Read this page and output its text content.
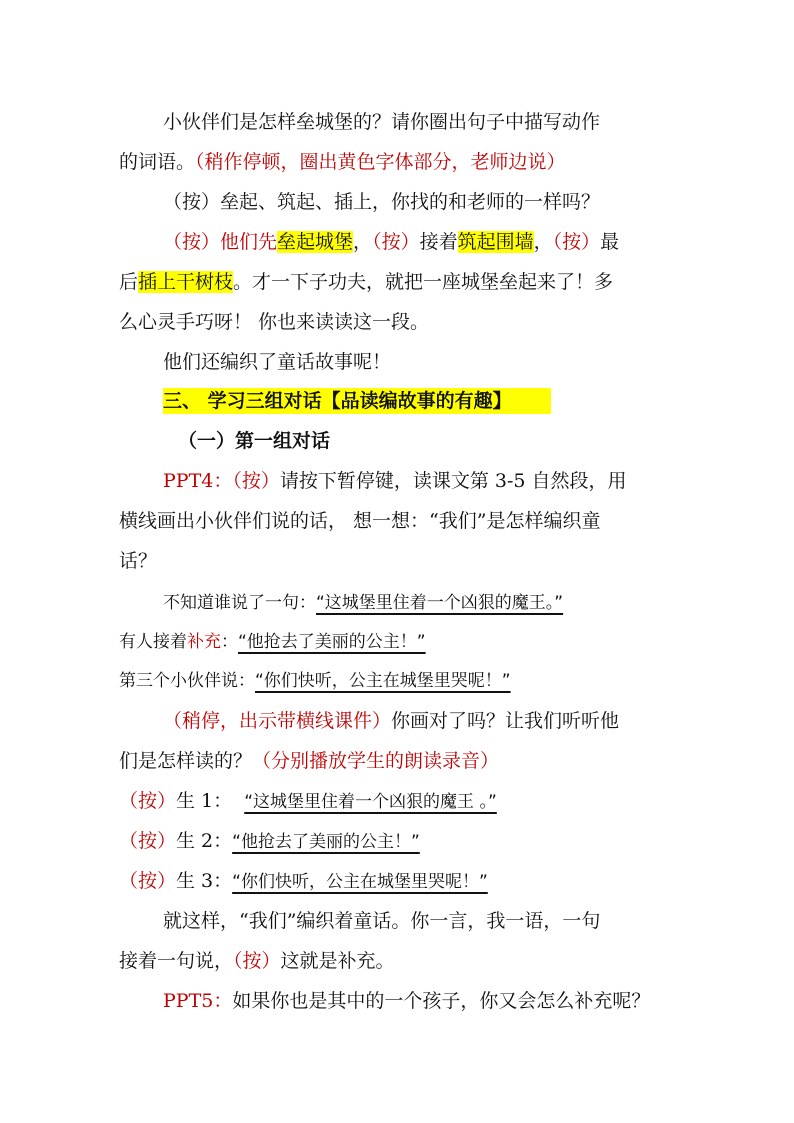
小伙伴们是怎样垒城堡的？请你圈出句子中描写动作
的词语。（稍作停顿，圈出黄色字体部分，老师边说）
（按）垒起、筑起、插上，你找的和老师的一样吗？
（按）他们先垒起城堡，（按）接着筑起围墙，（按）最
后插上干树枝。才一下子功夫，就把一座城堡垒起来了！多
么心灵手巧呀！ 你也来读读这一段。
他们还编织了童话故事呢！
三、 学习三组对话【品读编故事的有趣】
（一）第一组对话
PPT4：（按）请按下暂停键，读课文第 3-5 自然段，用
横线画出小伙伴们说的话， 想一想：“我们”是怎样编织童
话？
不知道谁说了一句：“这城堡里住着一个凶狠的魔王。”
有人接着补充：“他抢去了美丽的公主！”
第三个小伙伴说：“你们快听，公主在城堡里哭呢！”
（稍停，出示带横线课件）你画对了吗？让我们听听他
们是怎样读的？（分别播放学生的朗读录音）
（按）生 1： “这城堡里住着一个凶狠的魔王 。”
（按）生 2：“他抢去了美丽的公主！”
（按）生 3：“你们快听，公主在城堡里哭呢！”
就这样，“我们”编织着童话。你一言，我一语，一句
接着一句说，（按）这就是补充。
PPT5：如果你也是其中的一个孩子，你又会怎么补充呢？
